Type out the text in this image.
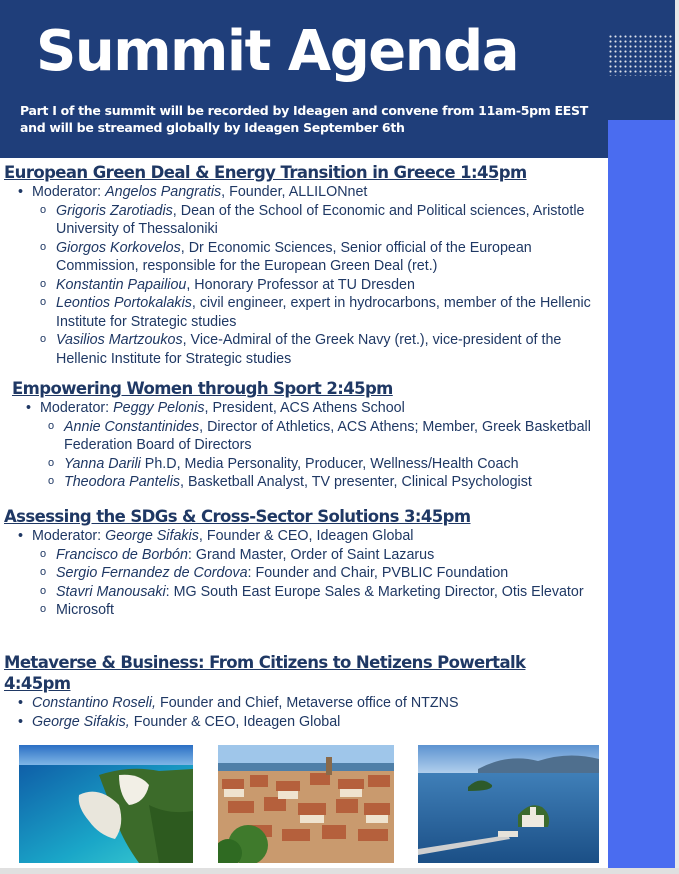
Summit Agenda
Part I of the summit will be recorded by Ideagen and convene from 11am-5pm EEST and will be streamed globally by Ideagen September 6th
European Green Deal & Energy Transition in Greece 1:45pm
• Moderator: Angelos Pangratis, Founder, ALLILONnet
o Grigoris Zarotiadis, Dean of the School of Economic and Political sciences, Aristotle University of Thessaloniki
o Giorgos Korkovelos, Dr Economic Sciences, Senior official of the European Commission, responsible for the European Green Deal (ret.)
o Konstantin Papailiou, Honorary Professor at TU Dresden
o Leontios Portokalakis, civil engineer, expert in hydrocarbons, member of the Hellenic Institute for Strategic studies
o Vasilios Martzoukos, Vice-Admiral of the Greek Navy (ret.), vice-president of the Hellenic Institute for Strategic studies
Empowering Women through Sport 2:45pm
• Moderator: Peggy Pelonis, President, ACS Athens School
o Annie Constantinides, Director of Athletics, ACS Athens; Member, Greek Basketball Federation Board of Directors
o Yanna Darili Ph.D, Media Personality, Producer, Wellness/Health Coach
o Theodora Pantelis, Basketball Analyst, TV presenter, Clinical Psychologist
Assessing the SDGs & Cross-Sector Solutions 3:45pm
• Moderator: George Sifakis, Founder & CEO, Ideagen Global
o Francisco de Borbón: Grand Master, Order of Saint Lazarus
o Sergio Fernandez de Cordova: Founder and Chair, PVBLIC Foundation
o Stavri Manousaki: MG South East Europe Sales & Marketing Director, Otis Elevator
o Microsoft
Metaverse & Business: From Citizens to Netizens Powertalk 4:45pm
• Constantino Roseli, Founder and Chief, Metaverse office of NTZNS
• George Sifakis, Founder & CEO, Ideagen Global
